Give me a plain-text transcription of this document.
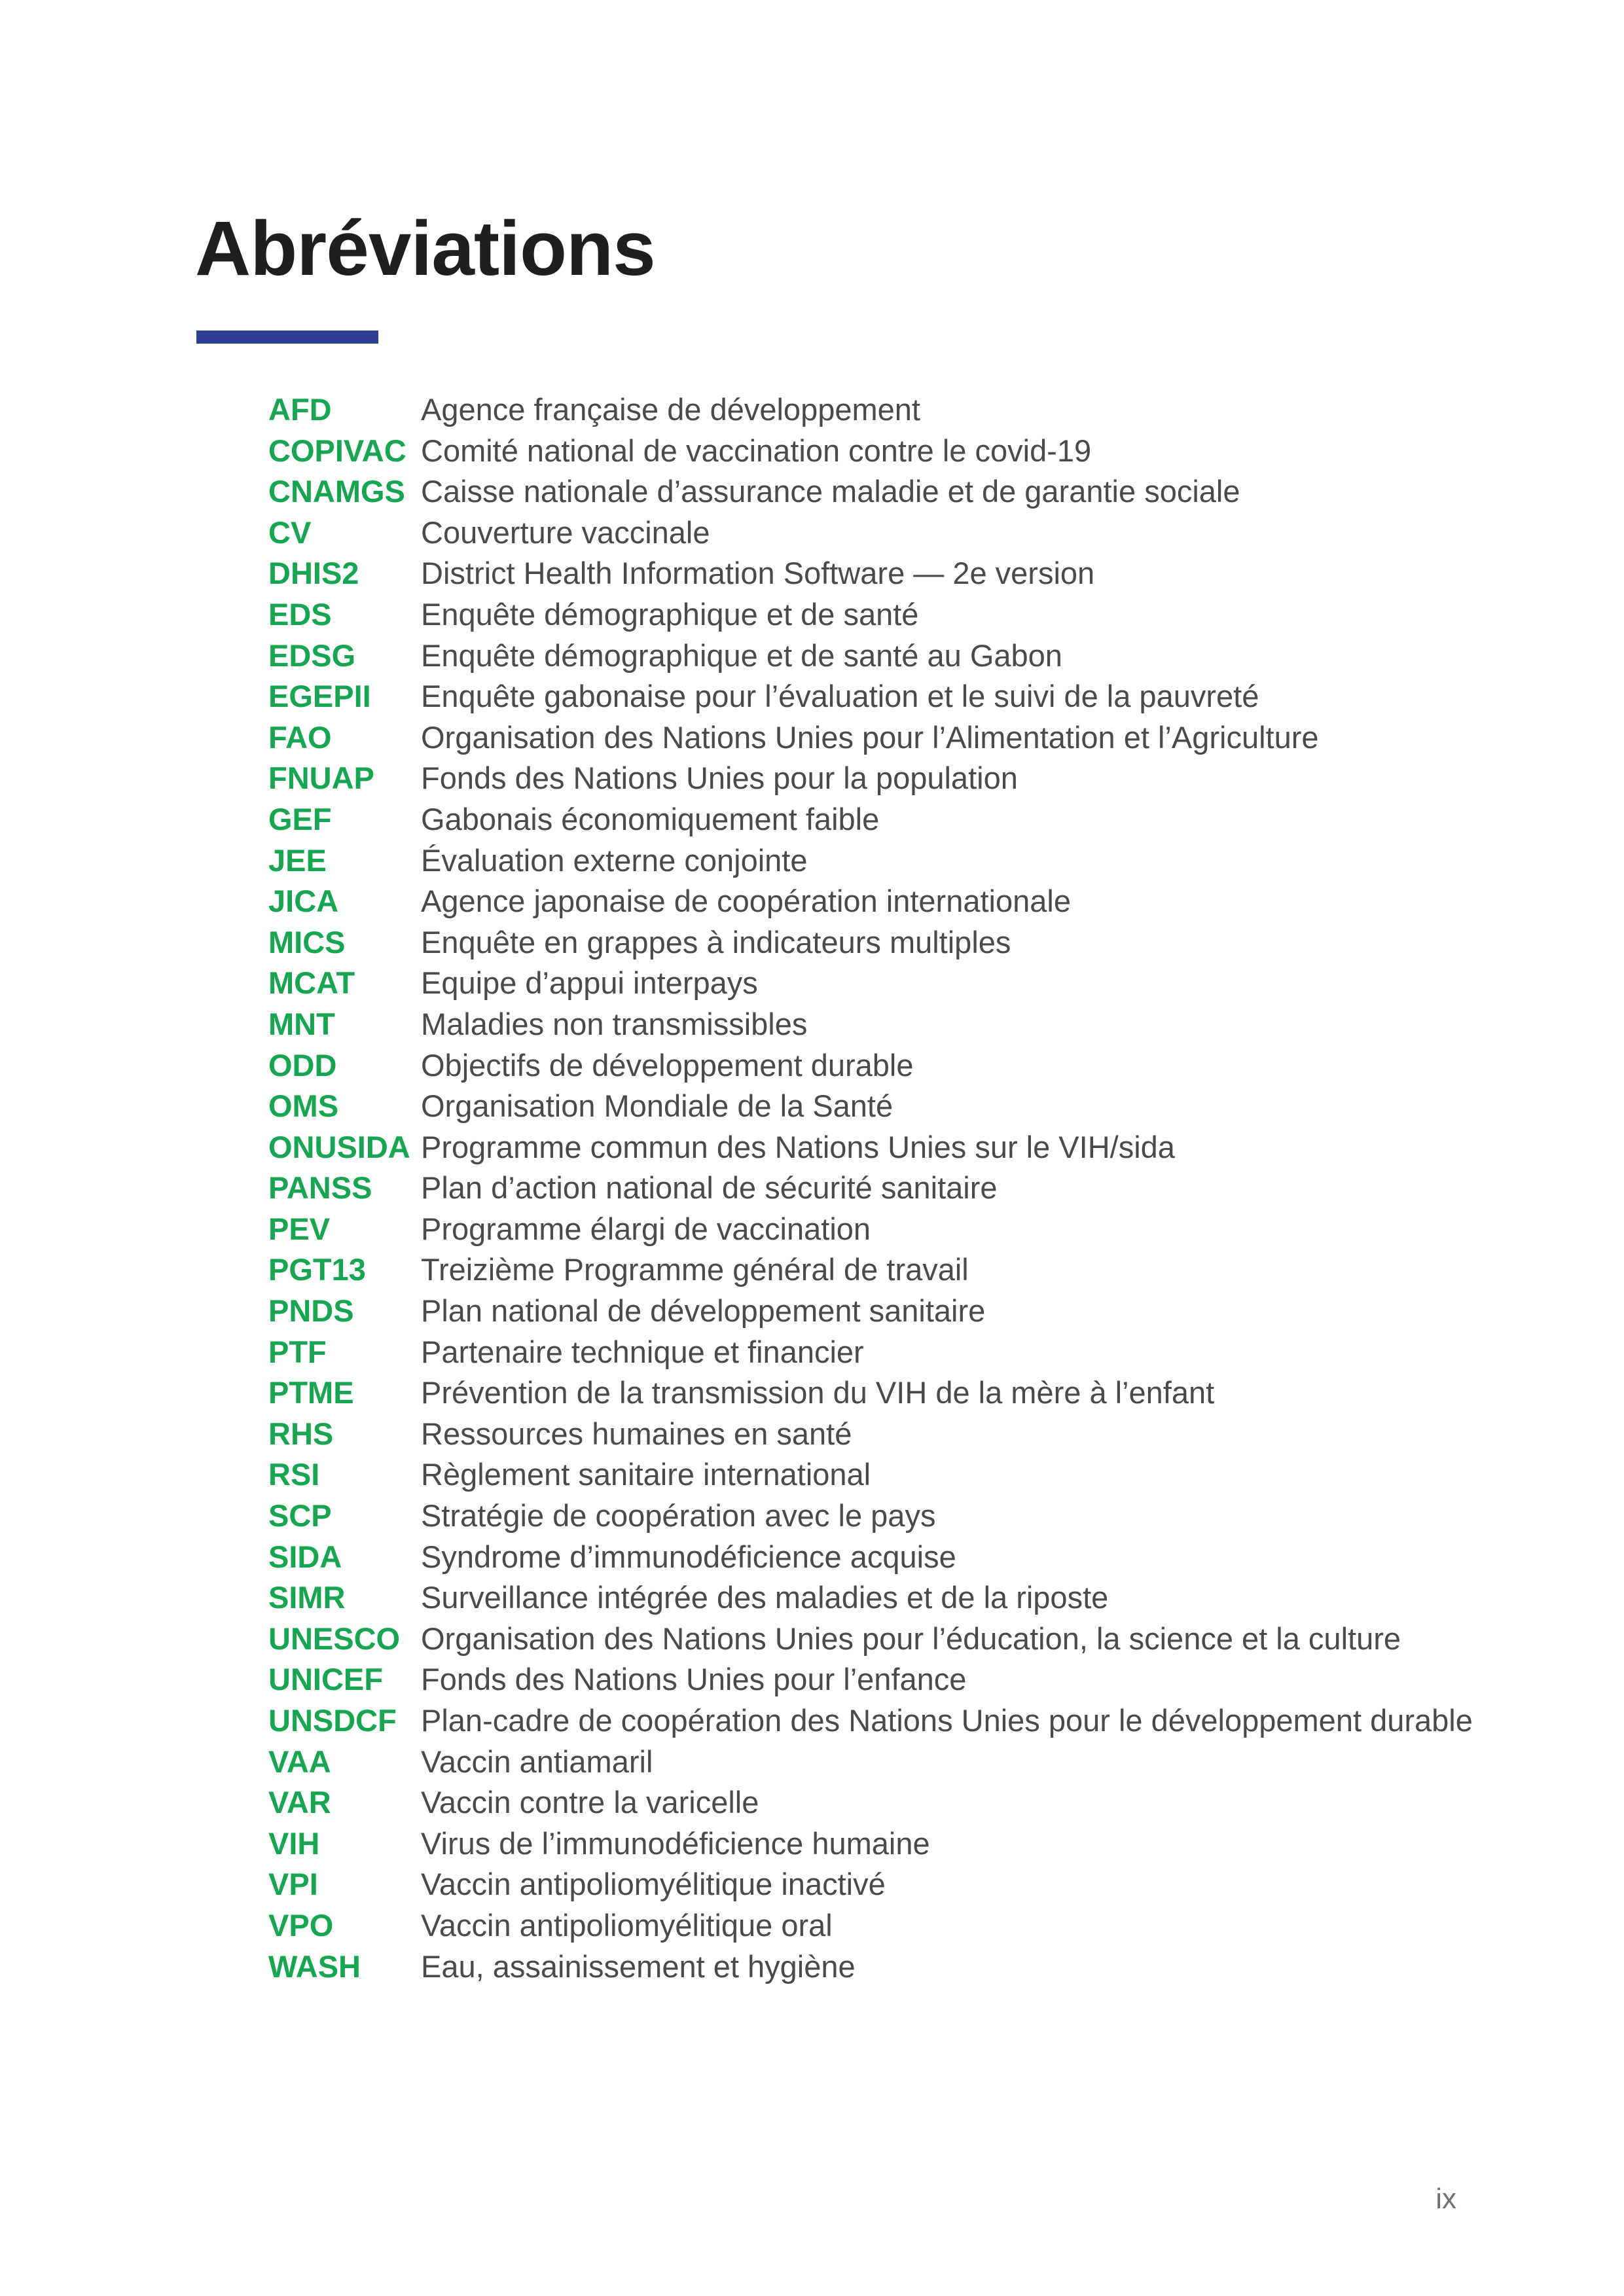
Abréviations
AFD	Agence française de développement
COPIVAC Comité national de vaccination contre le covid-19
CNAMGS Caisse nationale d’assurance maladie et de garantie sociale
CV	Couverture vaccinale
DHIS2	District Health Information Software — 2e version
EDS	Enquête démographique et de santé
EDSG	Enquête démographique et de santé au Gabon
EGEPII	Enquête gabonaise pour l’évaluation et le suivi de la pauvreté
FAO	Organisation des Nations Unies pour l’Alimentation et l’Agriculture
FNUAP	Fonds des Nations Unies pour la population
GEF	Gabonais économiquement faible
JEE	Évaluation externe conjointe
JICA	Agence japonaise de coopération internationale
MICS	Enquête en grappes à indicateurs multiples
MCAT	Equipe d’appui interpays
MNT	Maladies non transmissibles
ODD	Objectifs de développement durable
OMS	Organisation Mondiale de la Santé
ONUSIDA Programme commun des Nations Unies sur le VIH/sida
PANSS	Plan d’action national de sécurité sanitaire
PEV	Programme élargi de vaccination
PGT13	Treizième Programme général de travail
PNDS	Plan national de développement sanitaire
PTF	Partenaire technique et financier
PTME	Prévention de la transmission du VIH de la mère à l’enfant
RHS	Ressources humaines en santé
RSI	Règlement sanitaire international
SCP	Stratégie de coopération avec le pays
SIDA	Syndrome d’immunodéficience acquise
SIMR	Surveillance intégrée des maladies et de la riposte
UNESCO Organisation des Nations Unies pour l’éducation, la science et la culture
UNICEF	Fonds des Nations Unies pour l’enfance
UNSDCF Plan-cadre de coopération des Nations Unies pour le développement durable
VAA	Vaccin antiamaril
VAR	Vaccin contre la varicelle
VIH	Virus de l’immunodéficience humaine
VPI	Vaccin antipoliomyélitique inactivé
VPO	Vaccin antipoliomyélitique oral
WASH	Eau, assainissement et hygiène
ix
